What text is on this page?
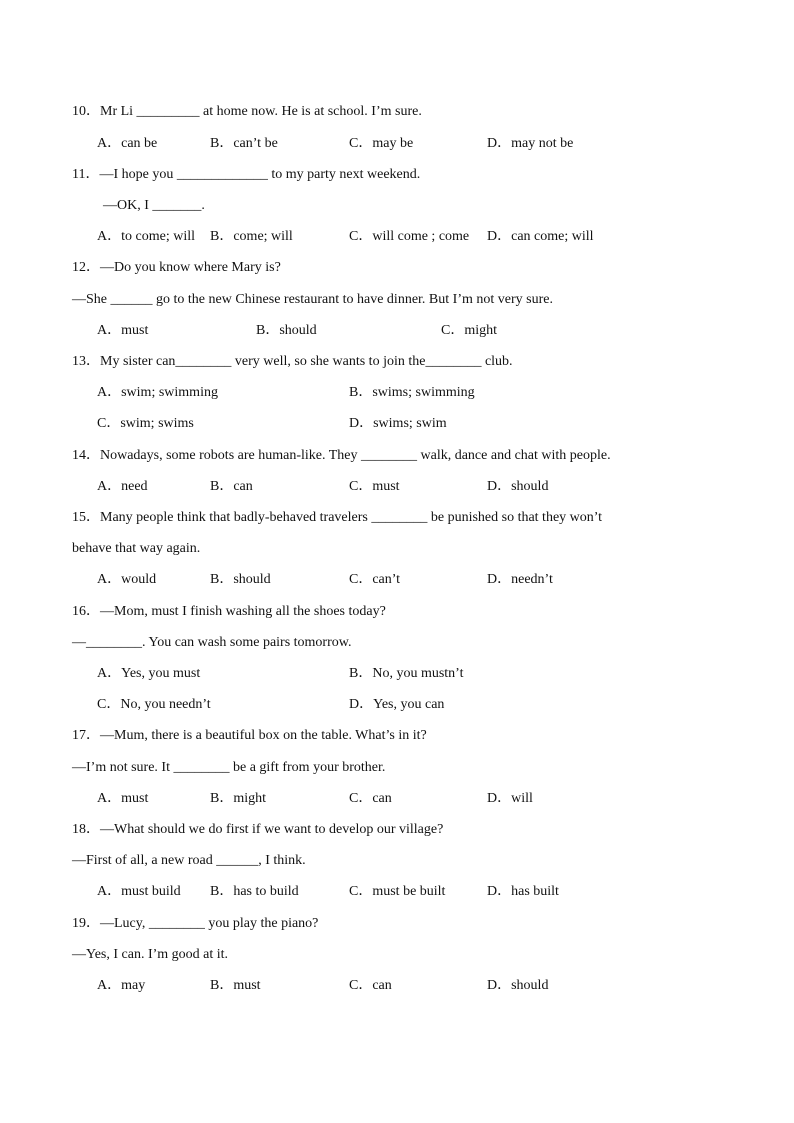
10．Mr Li _________ at home now. He is at school. I’m sure.
A．can be	B．can’t be	C．may be	D．may not be
11．—I hope you _____________ to my party next weekend.
—OK, I _______.
A．to come; will B．come; will	C．will come ; come D．can come; will
12．—Do you know where Mary is?
—She ______ go to the new Chinese restaurant to have dinner. But I’m not very sure.
A．must	B．should	C．might
13．My sister can________ very well, so she wants to join the________ club.
A．swim; swimming	B．swims; swimming
C．swim; swims	D．swims; swim
14．Nowadays, some robots are human-like. They ________ walk, dance and chat with people.
A．need	B．can	C．must	D．should
15．Many people think that badly-behaved travelers ________ be punished so that they won’t
behave that way again.
A．would	B．should	C．can’t	D．needn’t
16．—Mom, must I finish washing all the shoes today?
—________. You can wash some pairs tomorrow.
A．Yes, you must	B．No, you mustn’t
C．No, you needn’t	D．Yes, you can
17．—Mum, there is a beautiful box on the table. What’s in it?
—I’m not sure. It ________ be a gift from your brother.
A．must	B．might	C．can	D．will
18．—What should we do first if we want to develop our village?
—First of all, a new road ______, I think.
A．must build B．has to build	C．must be built	D．has built
19．—Lucy, ________ you play the piano?
—Yes, I can. I’m good at it.
A．may	B．must	C．can	D．should
